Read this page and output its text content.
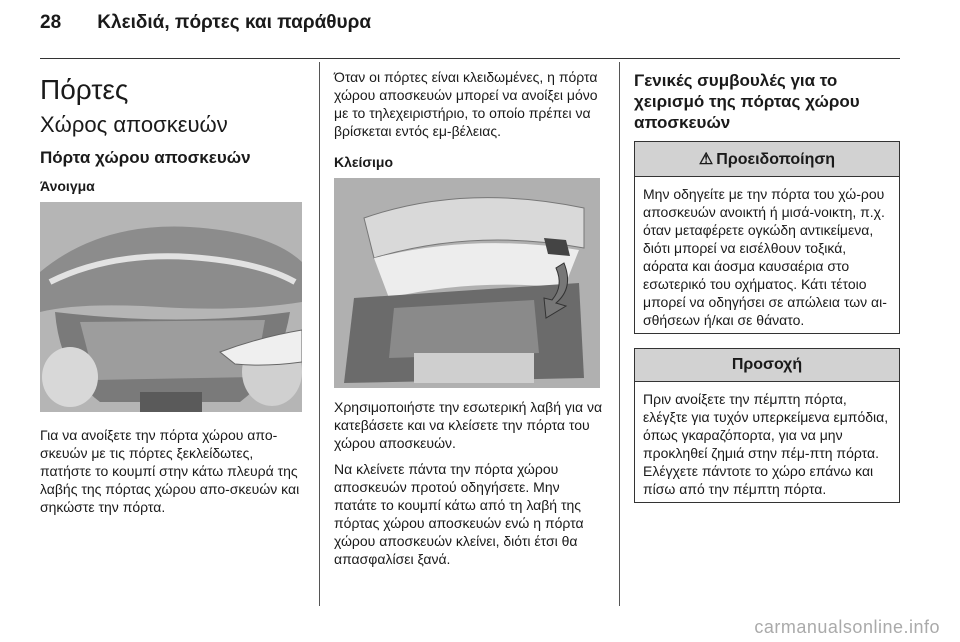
28 Κλειδιά, πόρτες και παράθυρα
Πόρτες
Χώρος αποσκευών
Πόρτα χώρου αποσκευών
Άνοιγμα

Για να ανοίξετε την πόρτα χώρου απο-σκευών με τις πόρτες ξεκλείδωτες, πατήστε το κουμπί στην κάτω πλευρά της λαβής της πόρτας χώρου απο-σκευών και σηκώστε την πόρτα.

Όταν οι πόρτες είναι κλειδωμένες, η πόρτα χώρου αποσκευών μπορεί να ανοίξει μόνο με το τηλεχειριστήριο, το οποίο πρέπει να βρίσκεται εντός εμ-βέλειας.

Κλείσιμο

Χρησιμοποιήστε την εσωτερική λαβή για να κατεβάσετε και να κλείσετε την πόρτα του χώρου αποσκευών.

Να κλείνετε πάντα την πόρτα χώρου αποσκευών προτού οδηγήσετε. Μην πατάτε το κουμπί κάτω από τη λαβή της πόρτας χώρου αποσκευών ενώ η πόρτα χώρου αποσκευών κλείνει, διότι έτσι θα απασφαλίσει ξανά.

Γενικές συμβουλές για το χειρισμό της πόρτας χώρου αποσκευών
⚠ Προειδοποίηση
Μην οδηγείτε με την πόρτα του χώ-ρου αποσκευών ανοικτή ή μισά-νοικτη, π.χ. όταν μεταφέρετε ογκώδη αντικείμενα, διότι μπορεί να εισέλθουν τοξικά, αόρατα και άοσμα καυσαέρια στο εσωτερικό του οχήματος. Κάτι τέτοιο μπορεί να οδηγήσει σε απώλεια των αι-σθήσεων ή/και σε θάνατο.
Προσοχή
Πριν ανοίξετε την πέμπτη πόρτα, ελέγξτε για τυχόν υπερκείμενα εμπόδια, όπως γκαραζόπορτα, για να μην προκληθεί ζημιά στην πέμ-πτη πόρτα. Ελέγχετε πάντοτε το χώρο επάνω και πίσω από την πέμπτη πόρτα.
carmanualsonline.info
